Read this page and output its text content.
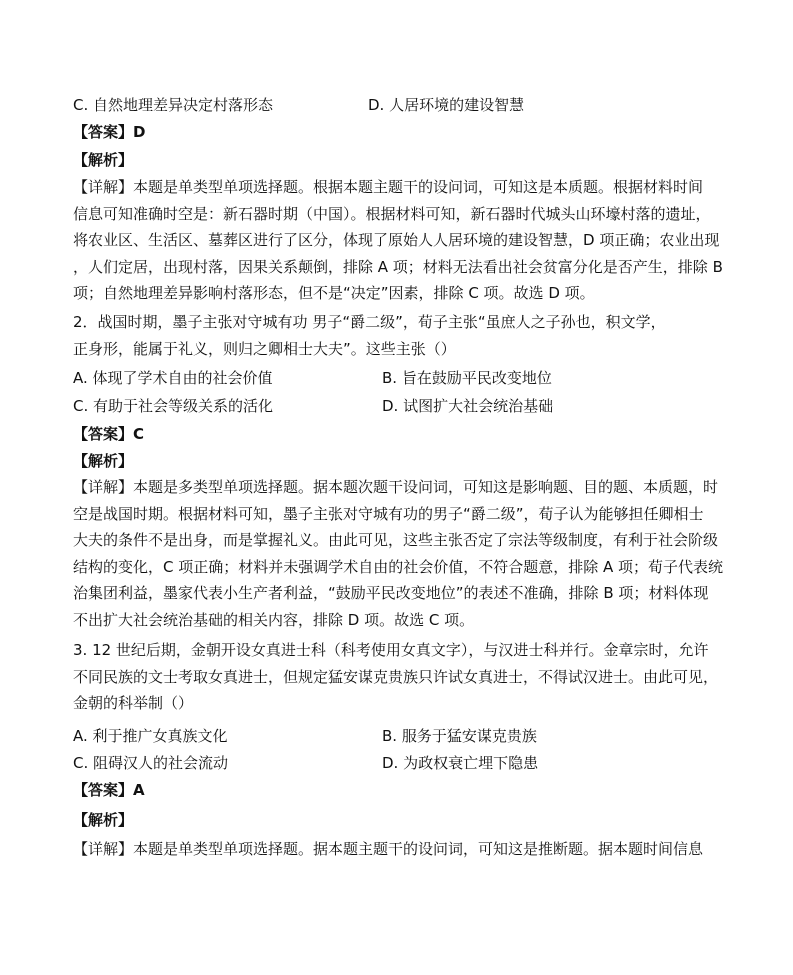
C. 自然地理差异决定村落形态	D. 人居环境的建设智慧
【答案】D
【解析】
【详解】本题是单类型单项选择题。根据本题主题干的设问词，可知这是本质题。根据材料时间
信息可知准确时空是：新石器时期（中国）。根据材料可知，新石器时代城头山环壕村落的遗址，
将农业区、生活区、墓葬区进行了区分，体现了原始人人居环境的建设智慧，D 项正确；农业出现
，人们定居，出现村落，因果关系颠倒，排除 A 项；材料无法看出社会贫富分化是否产生，排除 B
项；自然地理差异影响村落形态，但不是“决定”因素，排除 C 项。故选 D 项。
2．战国时期，墨子主张对守城有功 男子“爵二级”，荀子主张“虽庶人之子孙也，积文学，
正身形，能属于礼义，则归之卿相士大夫”。这些主张（）
A. 体现了学术自由的社会价值	B. 旨在鼓励平民改变地位
C. 有助于社会等级关系的活化	D. 试图扩大社会统治基础
【答案】C
【解析】
【详解】本题是多类型单项选择题。据本题次题干设问词，可知这是影响题、目的题、本质题，时
空是战国时期。根据材料可知，墨子主张对守城有功的男子“爵二级”，荀子认为能够担任卿相士
大夫的条件不是出身，而是掌握礼义。由此可见，这些主张否定了宗法等级制度，有利于社会阶级
结构的变化，C 项正确；材料并未强调学术自由的社会价值，不符合题意，排除 A 项；荀子代表统
治集团利益，墨家代表小生产者利益，“鼓励平民改变地位”的表述不准确，排除 B 项；材料体现
不出扩大社会统治基础的相关内容，排除 D 项。故选 C 项。
3. 12 世纪后期，金朝开设女真进士科（科考使用女真文字），与汉进士科并行。金章宗时，允许
不同民族的文士考取女真进士，但规定猛安谋克贵族只许试女真进士，不得试汉进士。由此可见，
金朝的科举制（）
A. 利于推广女真族文化	B. 服务于猛安谋克贵族
C. 阻碍汉人的社会流动	D. 为政权衰亡埋下隐患
【答案】A
【解析】
【详解】本题是单类型单项选择题。据本题主题干的设问词，可知这是推断题。据本题时间信息
